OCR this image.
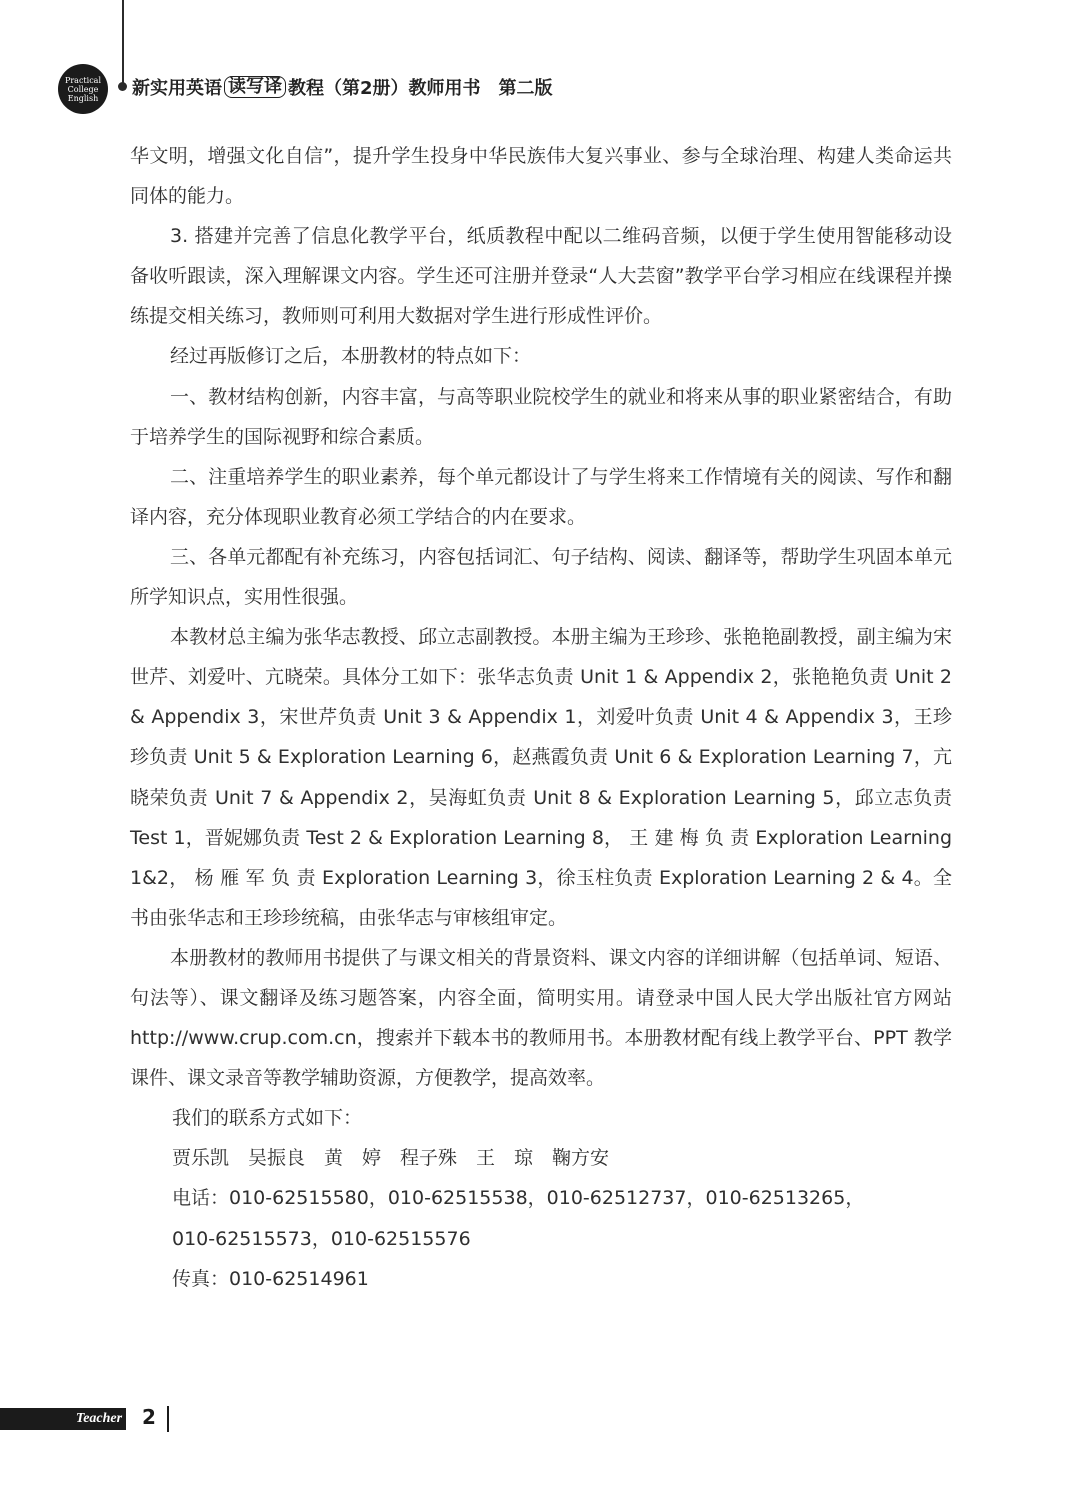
Practical
College
English 新实用英语 读写译 教程（第2册）教师用书　第二版

华文明，增强文化自信”，提升学生投身中华民族伟大复兴事业、参与全球治理、构建人类命运共同体的能力。

3. 搭建并完善了信息化教学平台，纸质教程中配以二维码音频，以便于学生使用智能移动设备收听跟读，深入理解课文内容。学生还可注册并登录“人大芸窗”教学平台学习相应在线课程并操练提交相关练习，教师则可利用大数据对学生进行形成性评价。

经过再版修订之后，本册教材的特点如下：

一、教材结构创新，内容丰富，与高等职业院校学生的就业和将来从事的职业紧密结合，有助于培养学生的国际视野和综合素质。

二、注重培养学生的职业素养，每个单元都设计了与学生将来工作情境有关的阅读、写作和翻译内容，充分体现职业教育必须工学结合的内在要求。

三、各单元都配有补充练习，内容包括词汇、句子结构、阅读、翻译等，帮助学生巩固本单元所学知识点，实用性很强。

本教材总主编为张华志教授、邱立志副教授。本册主编为王珍珍、张艳艳副教授，副主编为宋世芹、刘爱叶、亢晓荣。具体分工如下：张华志负责 Unit 1 & Appendix 2，张艳艳负责 Unit 2 & Appendix 3，宋世芹负责 Unit 3 & Appendix 1，刘爱叶负责 Unit 4 & Appendix 3，王珍珍负责 Unit 5 & Exploration Learning 6，赵燕霞负责 Unit 6 & Exploration Learning 7，亢晓荣负责 Unit 7 & Appendix 2，吴海虹负责 Unit 8 & Exploration Learning 5，邱立志负责 Test 1，晋妮娜负责 Test 2 & Exploration Learning 8， 王 建 梅 负 责 Exploration Learning 1&2， 杨 雁 军 负 责 Exploration Learning 3，徐玉柱负责 Exploration Learning 2 & 4。全书由张华志和王珍珍统稿，由张华志与审核组审定。

本册教材的教师用书提供了与课文相关的背景资料、课文内容的详细讲解（包括单词、短语、句法等）、课文翻译及练习题答案，内容全面，简明实用。请登录中国人民大学出版社官方网站 http://www.crup.com.cn，搜索并下载本书的教师用书。本册教材配有线上教学平台、PPT 教学课件、课文录音等教学辅助资源，方便教学，提高效率。

我们的联系方式如下：

贾乐凯　吴振良　黄　婷　程子殊　王　琼　鞠方安

电话：010-62515580，010-62515538，010-62512737，010-62513265，

010-62515573，010-62515576

传真：010-62514961

Teacher 2
